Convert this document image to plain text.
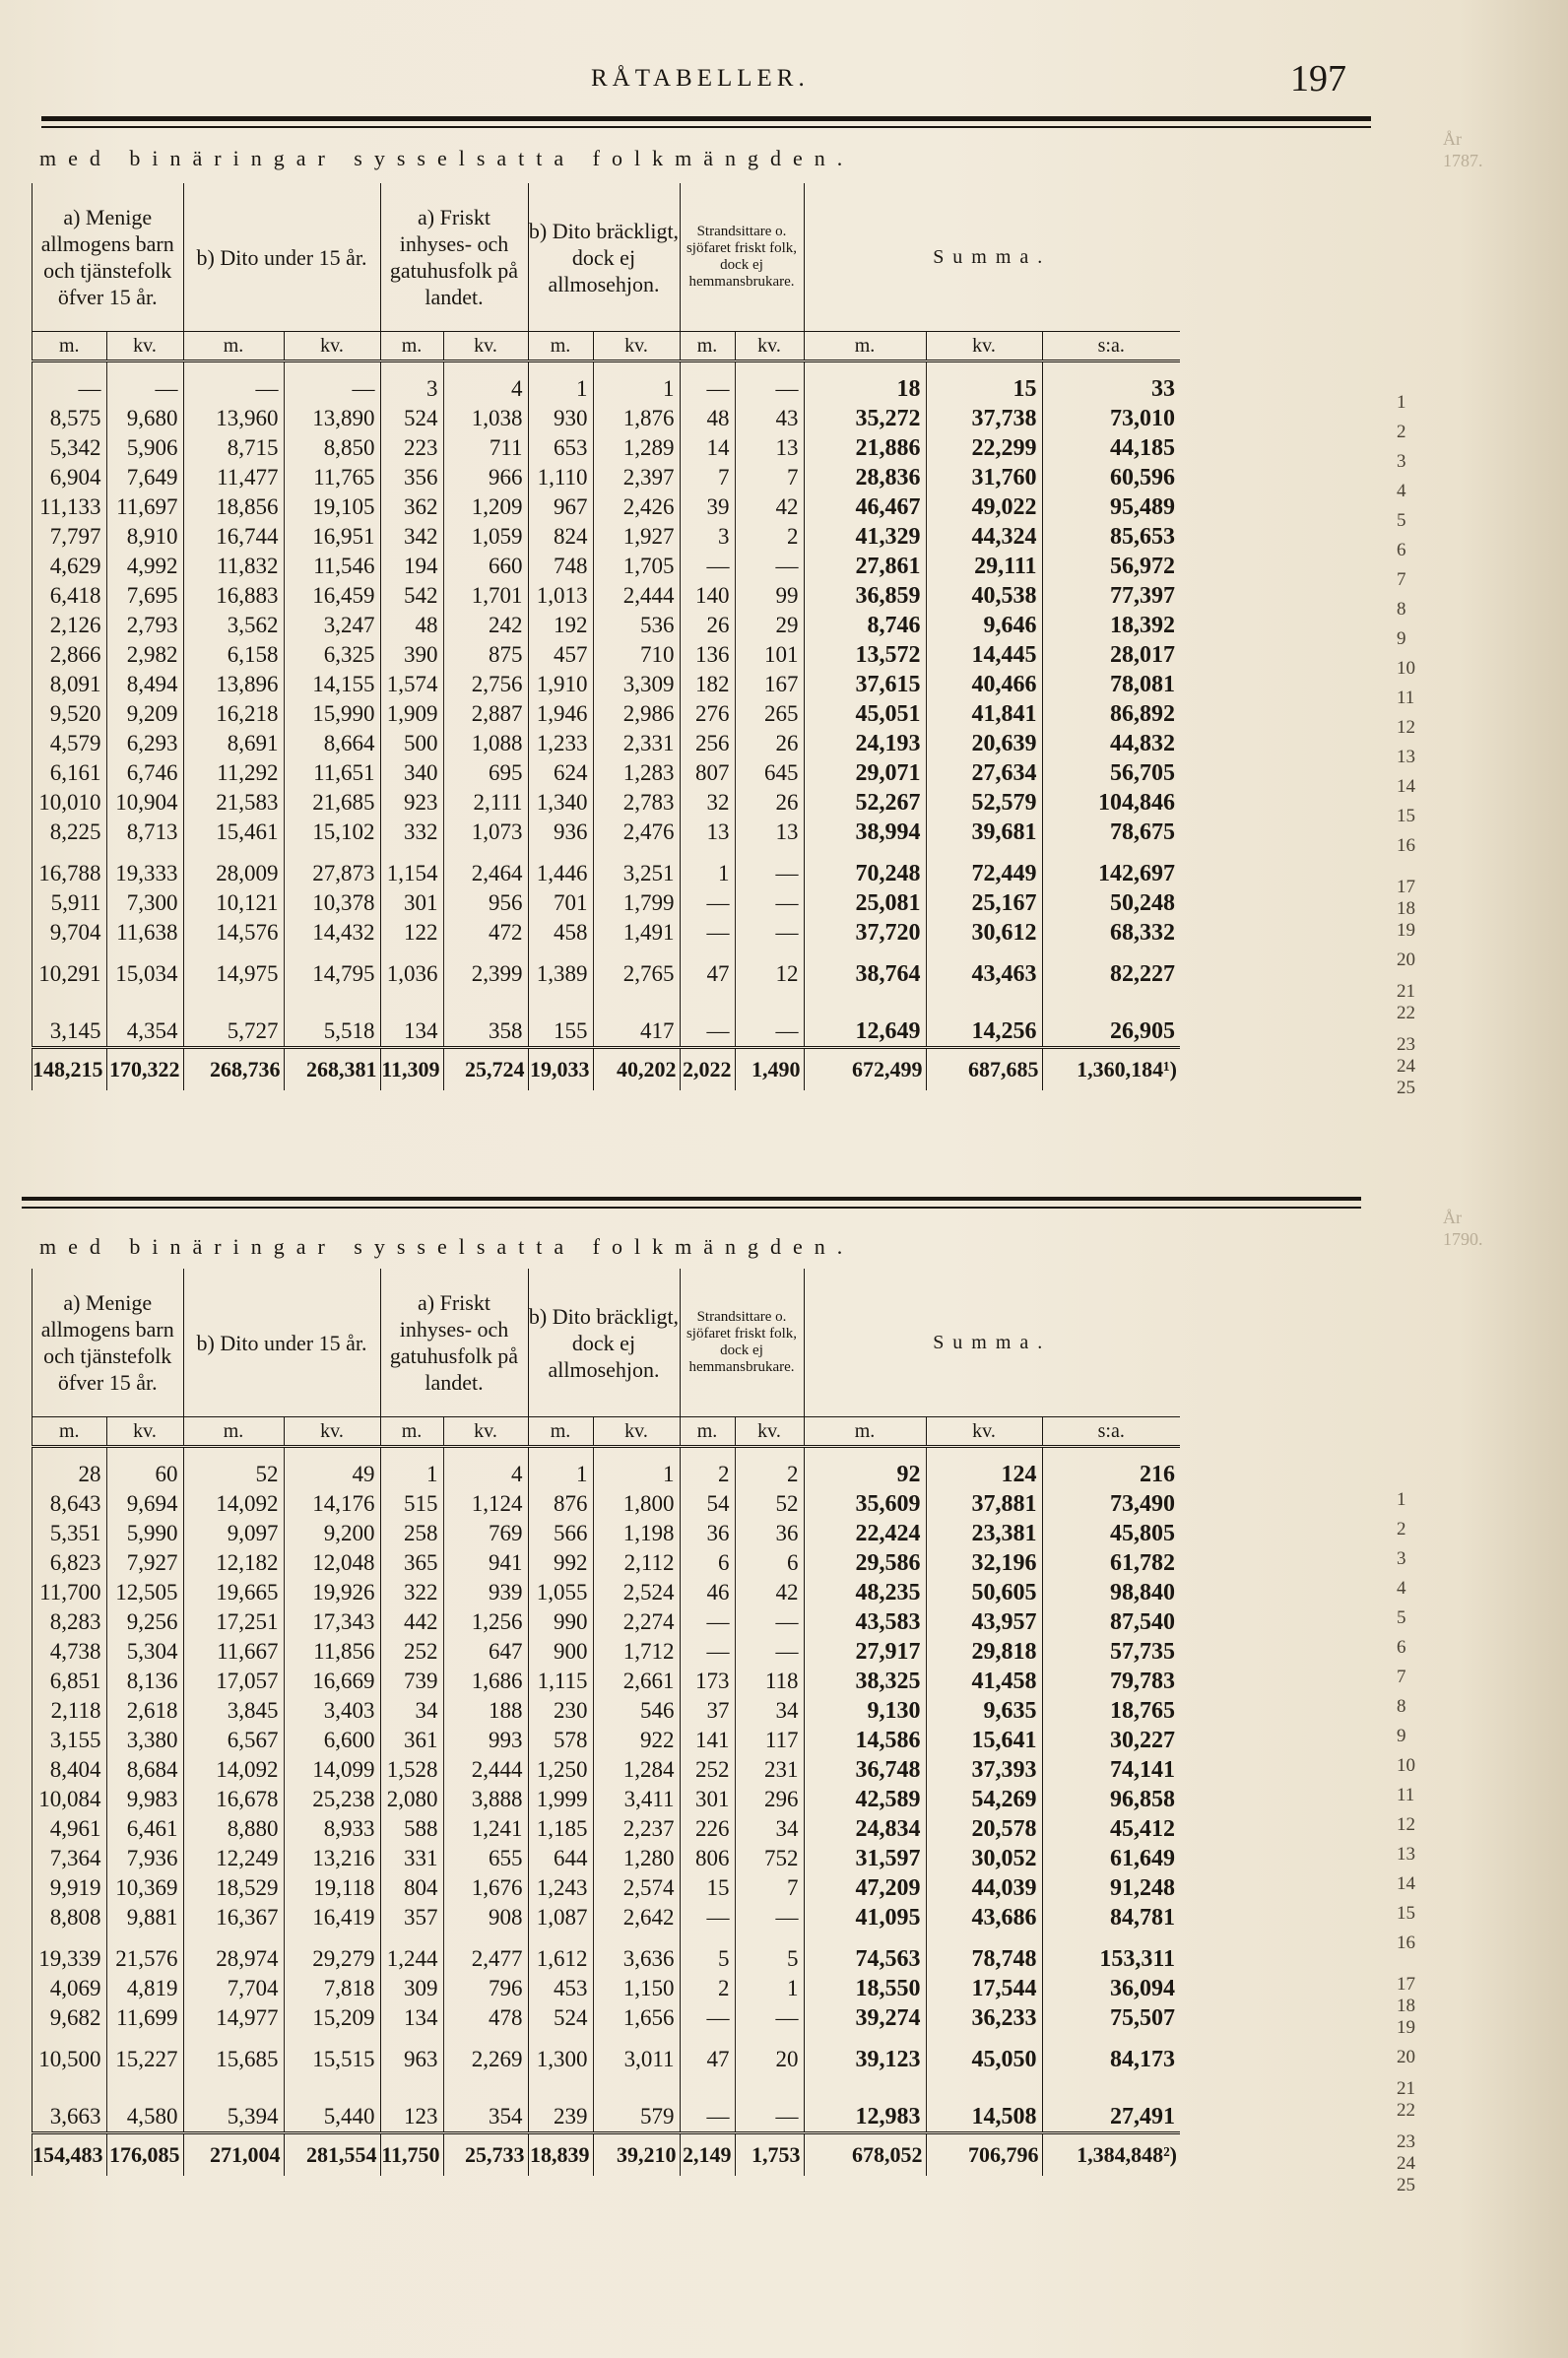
RÅTABELLER.	197
År
1787.
År
1790.
med binäringar sysselsatta folkmängden.
a) Menige allmogens barn och tjänstefolk öfver 15 år.		b) Dito under 15 år.		a) Friskt inhyses- och gatuhusfolk på landet.		b) Dito bräckligt, dock ej allmosehjon.		Strandsittare o. sjöfaret friskt folk, dock ej hemmansbrukare.		Summa.		
m.	kv.	m.	kv.	m.	kv.	m.	kv.	m.	kv.	m.	kv.	s:a.

—	—	—	—	3	4	1	1	—	—	18	15	33
8,575	9,680	13,960	13,890	524	1,038	930	1,876	48	43	35,272	37,738	73,010
5,342	5,906	8,715	8,850	223	711	653	1,289	14	13	21,886	22,299	44,185
6,904	7,649	11,477	11,765	356	966	1,110	2,397	7	7	28,836	31,760	60,596
11,133	11,697	18,856	19,105	362	1,209	967	2,426	39	42	46,467	49,022	95,489
7,797	8,910	16,744	16,951	342	1,059	824	1,927	3	2	41,329	44,324	85,653
4,629	4,992	11,832	11,546	194	660	748	1,705	—	—	27,861	29,111	56,972
6,418	7,695	16,883	16,459	542	1,701	1,013	2,444	140	99	36,859	40,538	77,397
2,126	2,793	3,562	3,247	48	242	192	536	26	29	8,746	9,646	18,392
2,866	2,982	6,158	6,325	390	875	457	710	136	101	13,572	14,445	28,017
8,091	8,494	13,896	14,155	1,574	2,756	1,910	3,309	182	167	37,615	40,466	78,081
9,520	9,209	16,218	15,990	1,909	2,887	1,946	2,986	276	265	45,051	41,841	86,892
4,579	6,293	8,691	8,664	500	1,088	1,233	2,331	256	26	24,193	20,639	44,832
6,161	6,746	11,292	11,651	340	695	624	1,283	807	645	29,071	27,634	56,705
10,010	10,904	21,583	21,685	923	2,111	1,340	2,783	32	26	52,267	52,579	104,846
8,225	8,713	15,461	15,102	332	1,073	936	2,476	13	13	38,994	39,681	78,675

16,788	19,333	28,009	27,873	1,154	2,464	1,446	3,251	1	—	70,248	72,449	142,697
5,911	7,300	10,121	10,378	301	956	701	1,799	—	—	25,081	25,167	50,248
9,704	11,638	14,576	14,432	122	472	458	1,491	—	—	37,720	30,612	68,332

10,291	15,034	14,975	14,795	1,036	2,399	1,389	2,765	47	12	38,764	43,463	82,227

3,145	4,354	5,727	5,518	134	358	155	417	—	—	12,649	14,256	26,905
148,215	170,322	268,736	268,381	11,309	25,724	19,033	40,202	2,022	1,490	672,499	687,685	1,360,184¹)
1
2
3
4
5
6
7
8
9
10
11
12
13
14
15
16
17
18
19
20
21
22
23
24
25
med binäringar sysselsatta folkmängden.
a) Menige allmogens barn och tjänstefolk öfver 15 år.		b) Dito under 15 år.		a) Friskt inhyses- och gatuhusfolk på landet.		b) Dito bräckligt, dock ej allmosehjon.		Strandsittare o. sjöfaret friskt folk, dock ej hemmansbrukare.		Summa.		
m.	kv.	m.	kv.	m.	kv.	m.	kv.	m.	kv.	m.	kv.	s:a.

28	60	52	49	1	4	1	1	2	2	92	124	216
8,643	9,694	14,092	14,176	515	1,124	876	1,800	54	52	35,609	37,881	73,490
5,351	5,990	9,097	9,200	258	769	566	1,198	36	36	22,424	23,381	45,805
6,823	7,927	12,182	12,048	365	941	992	2,112	6	6	29,586	32,196	61,782
11,700	12,505	19,665	19,926	322	939	1,055	2,524	46	42	48,235	50,605	98,840
8,283	9,256	17,251	17,343	442	1,256	990	2,274	—	—	43,583	43,957	87,540
4,738	5,304	11,667	11,856	252	647	900	1,712	—	—	27,917	29,818	57,735
6,851	8,136	17,057	16,669	739	1,686	1,115	2,661	173	118	38,325	41,458	79,783
2,118	2,618	3,845	3,403	34	188	230	546	37	34	9,130	9,635	18,765
3,155	3,380	6,567	6,600	361	993	578	922	141	117	14,586	15,641	30,227
8,404	8,684	14,092	14,099	1,528	2,444	1,250	1,284	252	231	36,748	37,393	74,141
10,084	9,983	16,678	25,238	2,080	3,888	1,999	3,411	301	296	42,589	54,269	96,858
4,961	6,461	8,880	8,933	588	1,241	1,185	2,237	226	34	24,834	20,578	45,412
7,364	7,936	12,249	13,216	331	655	644	1,280	806	752	31,597	30,052	61,649
9,919	10,369	18,529	19,118	804	1,676	1,243	2,574	15	7	47,209	44,039	91,248
8,808	9,881	16,367	16,419	357	908	1,087	2,642	—	—	41,095	43,686	84,781

19,339	21,576	28,974	29,279	1,244	2,477	1,612	3,636	5	5	74,563	78,748	153,311
4,069	4,819	7,704	7,818	309	796	453	1,150	2	1	18,550	17,544	36,094
9,682	11,699	14,977	15,209	134	478	524	1,656	—	—	39,274	36,233	75,507

10,500	15,227	15,685	15,515	963	2,269	1,300	3,011	47	20	39,123	45,050	84,173

3,663	4,580	5,394	5,440	123	354	239	579	—	—	12,983	14,508	27,491
154,483	176,085	271,004	281,554	11,750	25,733	18,839	39,210	2,149	1,753	678,052	706,796	1,384,848²)
1
2
3
4
5
6
7
8
9
10
11
12
13
14
15
16
17
18
19
20
21
22
23
24
25
